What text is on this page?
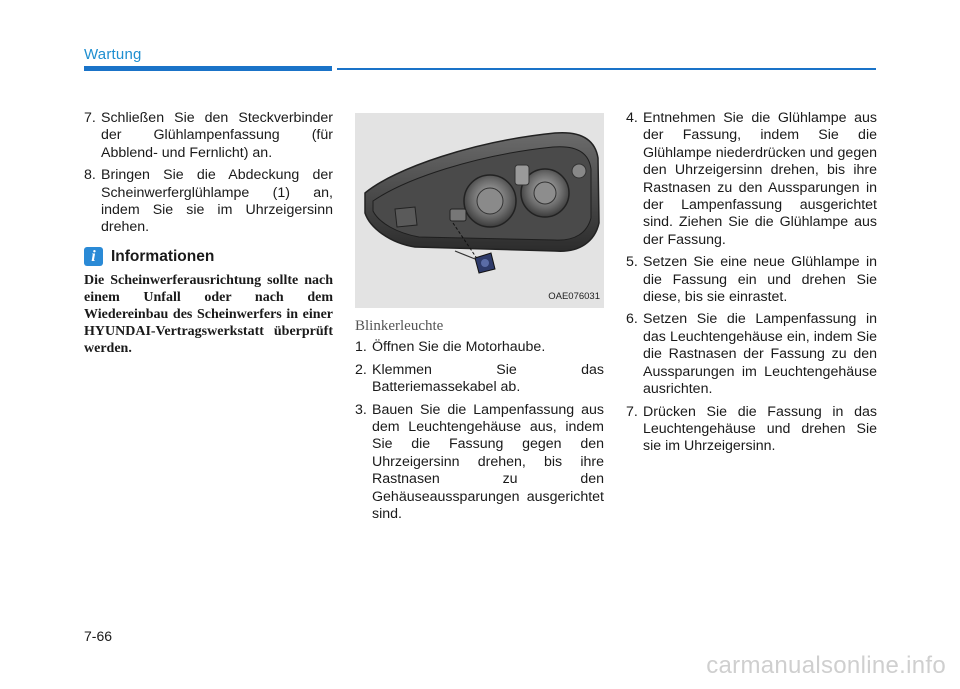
Wartung
7. Schließen Sie den Steckverbinder der Glühlampenfassung (für Abblend- und Fernlicht) an.
8. Bringen Sie die Abdeckung der Scheinwerferglühlampe (1) an, indem Sie sie im Uhrzeigersinn drehen.
i Informationen
Die Scheinwerferausrichtung sollte nach einem Unfall oder nach dem Wiedereinbau des Scheinwerfers in einer HYUNDAI-Vertragswerkstatt überprüft werden.
OAE076031
Blinkerleuchte
1. Öffnen Sie die Motorhaube.
2. Klemmen Sie das Batteriemassekabel ab.
3. Bauen Sie die Lampenfassung aus dem Leuchtengehäuse aus, indem Sie die Fassung gegen den Uhrzeigersinn drehen, bis ihre Rastnasen zu den Gehäuseaussparungen ausgerichtet sind.
4. Entnehmen Sie die Glühlampe aus der Fassung, indem Sie die Glühlampe niederdrücken und gegen den Uhrzeigersinn drehen, bis ihre Rastnasen zu den Aussparungen in der Lampenfassung ausgerichtet sind. Ziehen Sie die Glühlampe aus der Fassung.
5. Setzen Sie eine neue Glühlampe in die Fassung ein und drehen Sie diese, bis sie einrastet.
6. Setzen Sie die Lampenfassung in das Leuchtengehäuse ein, indem Sie die Rastnasen der Fassung zu den Aussparungen im Leuchtengehäuse ausrichten.
7. Drücken Sie die Fassung in das Leuchtengehäuse und drehen Sie sie im Uhrzeigersinn.
7-66
carmanualsonline.info
